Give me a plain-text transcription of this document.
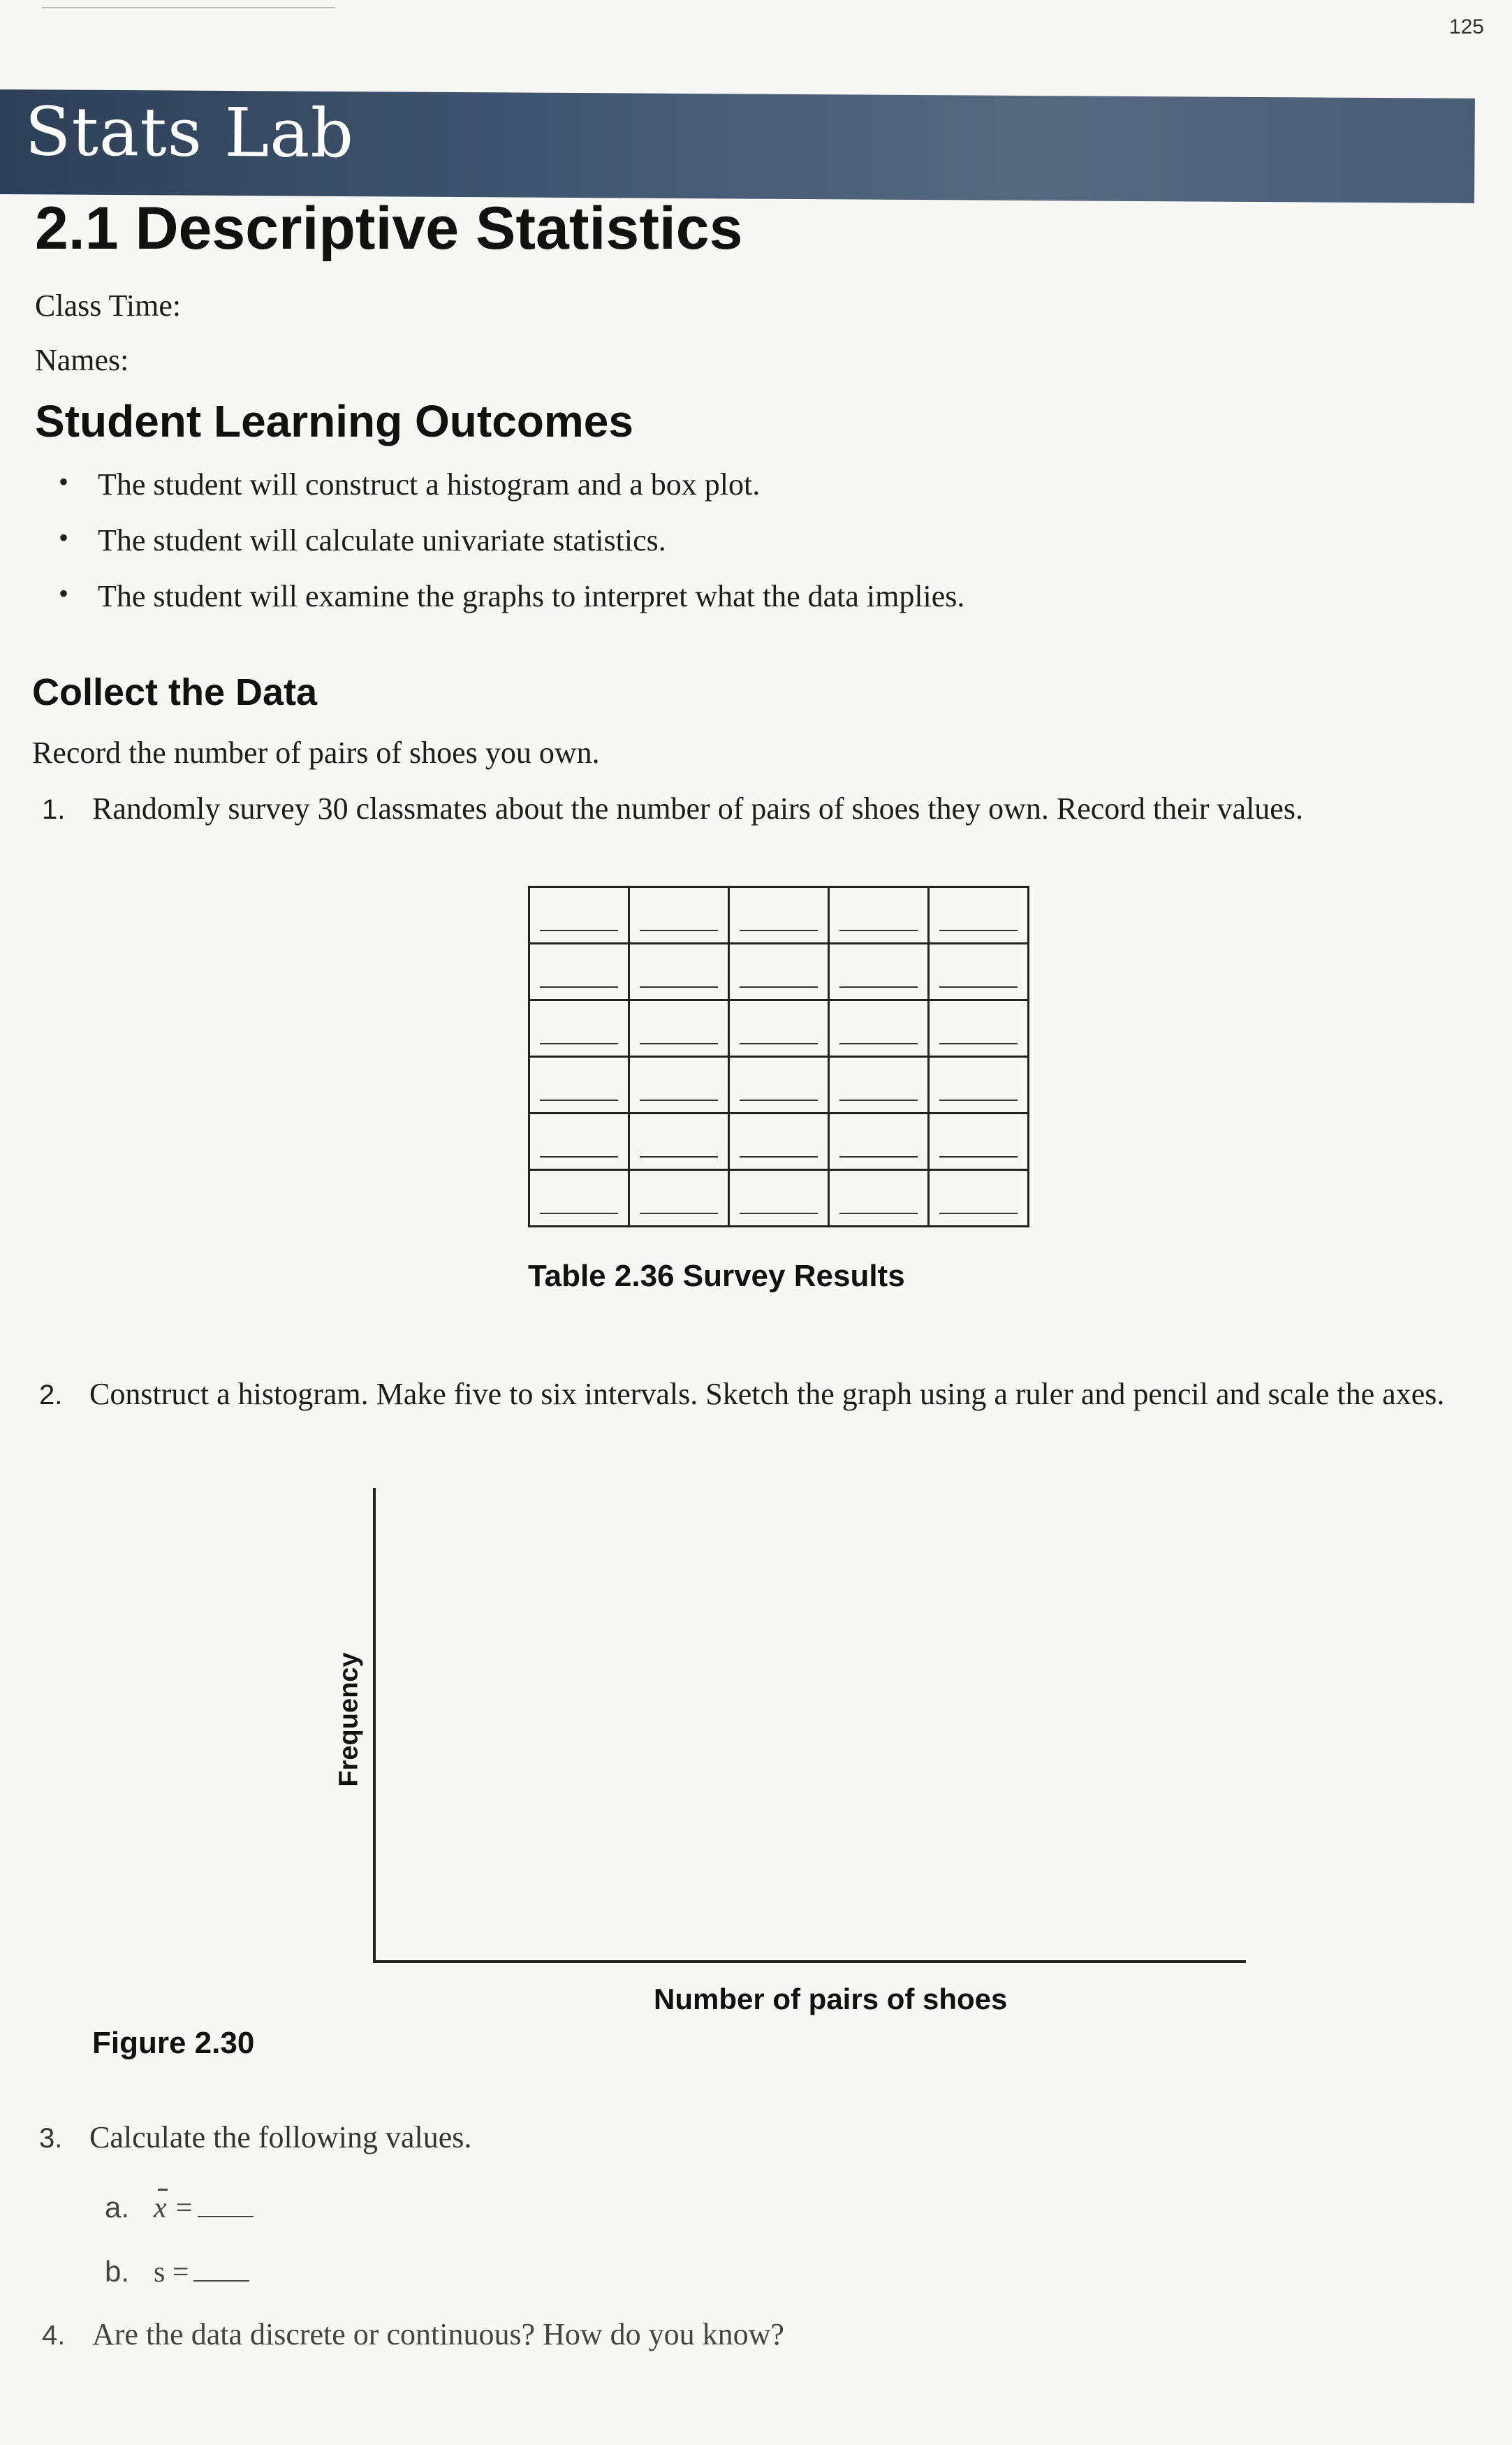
125
Stats Lab
2.1 Descriptive Statistics
Class Time:
Names:
Student Learning Outcomes
• The student will construct a histogram and a box plot.
• The student will calculate univariate statistics.
• The student will examine the graphs to interpret what the data implies.
Collect the Data
Record the number of pairs of shoes you own.
1. Randomly survey 30 classmates about the number of pairs of shoes they own. Record their values.

Table 2.36 Survey Results
2. Construct a histogram. Make five to six intervals. Sketch the graph using a ruler and pencil and scale the axes.
Frequency
Number of pairs of shoes
Figure 2.30
3. Calculate the following values.
a. x =
b. s =
4. Are the data discrete or continuous? How do you know?
